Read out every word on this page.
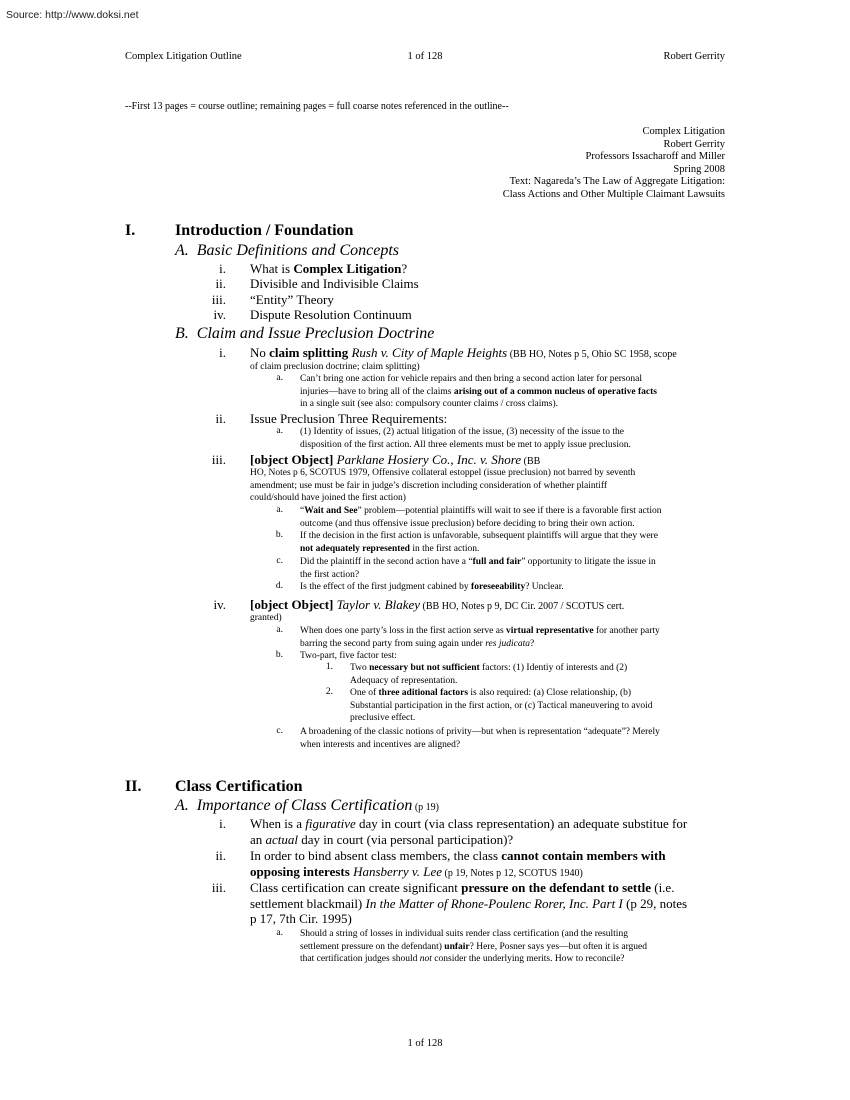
Source: http://www.doksi.net
Complex Litigation Outline	1 of 128	Robert Gerrity
--First 13 pages = course outline; remaining pages = full coarse notes referenced in the outline--
Complex Litigation
Robert Gerrity
Professors Issacharoff and Miller
Spring 2008
Text: Nagareda’s The Law of Aggregate Litigation:
Class Actions and Other Multiple Claimant Lawsuits
I. Introduction / Foundation
A. Basic Definitions and Concepts
i. What is Complex Litigation?
ii. Divisible and Indivisible Claims
iii. “Entity” Theory
iv. Dispute Resolution Continuum
B. Claim and Issue Preclusion Doctrine
i. No claim splitting Rush v. City of Maple Heights (BB HO, Notes p 5, Ohio SC 1958, scope
of claim preclusion doctrine; claim splitting)
a. Can’t bring one action for vehicle repairs and then bring a second action later for personal
injuries—have to bring all of the claims arising out of a common nucleus of operative facts
in a single suit (see also: compulsory counter claims / cross claims).
ii. Issue Preclusion Three Requirements:
a. (1) Identity of issues, (2) actual litigation of the issue, (3) necessity of the issue to the
disposition of the first action. All three elements must be met to apply issue preclusion.
iii. [object Object] Parklane Hosiery Co., Inc. v. Shore (BB
HO, Notes p 6, SCOTUS 1979, Offensive collateral estoppel (issue preclusion) not barred by seventh
amendment; use must be fair in judge’s discretion including consideration of whether plaintiff
could/should have joined the first action)
a. “Wait and See” problem—potential plaintiffs will wait to see if there is a favorable first action
outcome (and thus offensive issue preclusion) before deciding to bring their own action.
b. If the decision in the first action is unfavorable, subsequent plaintiffs will argue that they were
not adequately represented in the first action.
c. Did the plaintiff in the second action have a “full and fair” opportunity to litigate the issue in
the first action?
d. Is the effect of the first judgment cabined by foreseeability? Unclear.
iv. [object Object] Taylor v. Blakey (BB HO, Notes p 9, DC Cir. 2007 / SCOTUS cert.
granted)
a. When does one party’s loss in the first action serve as virtual representative for another party
barring the second party from suing again under res judicata?
b. Two-part, five factor test:
1. Two necessary but not sufficient factors: (1) Identiy of interests and (2)
Adequacy of representation.
2. One of three aditional factors is also required: (a) Close relationship, (b)
Substantial participation in the first action, or (c) Tactical maneuvering to avoid
preclusive effect.
c. A broadening of the classic notions of privity—but when is representation “adequate”? Merely
when interests and incentives are aligned?
II. Class Certification
A. Importance of Class Certification (p 19)
i. When is a figurative day in court (via class representation) an adequate substitue for
an actual day in court (via personal participation)?
ii. In order to bind absent class members, the class cannot contain members with
opposing interests Hansberry v. Lee (p 19, Notes p 12, SCOTUS 1940)
iii. Class certification can create significant pressure on the defendant to settle (i.e.
settlement blackmail) In the Matter of Rhone-Poulenc Rorer, Inc. Part I (p 29, notes
p 17, 7th Cir. 1995)
a. Should a string of losses in individual suits render class certification (and the resulting
settlement pressure on the defendant) unfair? Here, Posner says yes—but often it is argued
that certification judges should not consider the underlying merits. How to reconcile?
1 of 128
